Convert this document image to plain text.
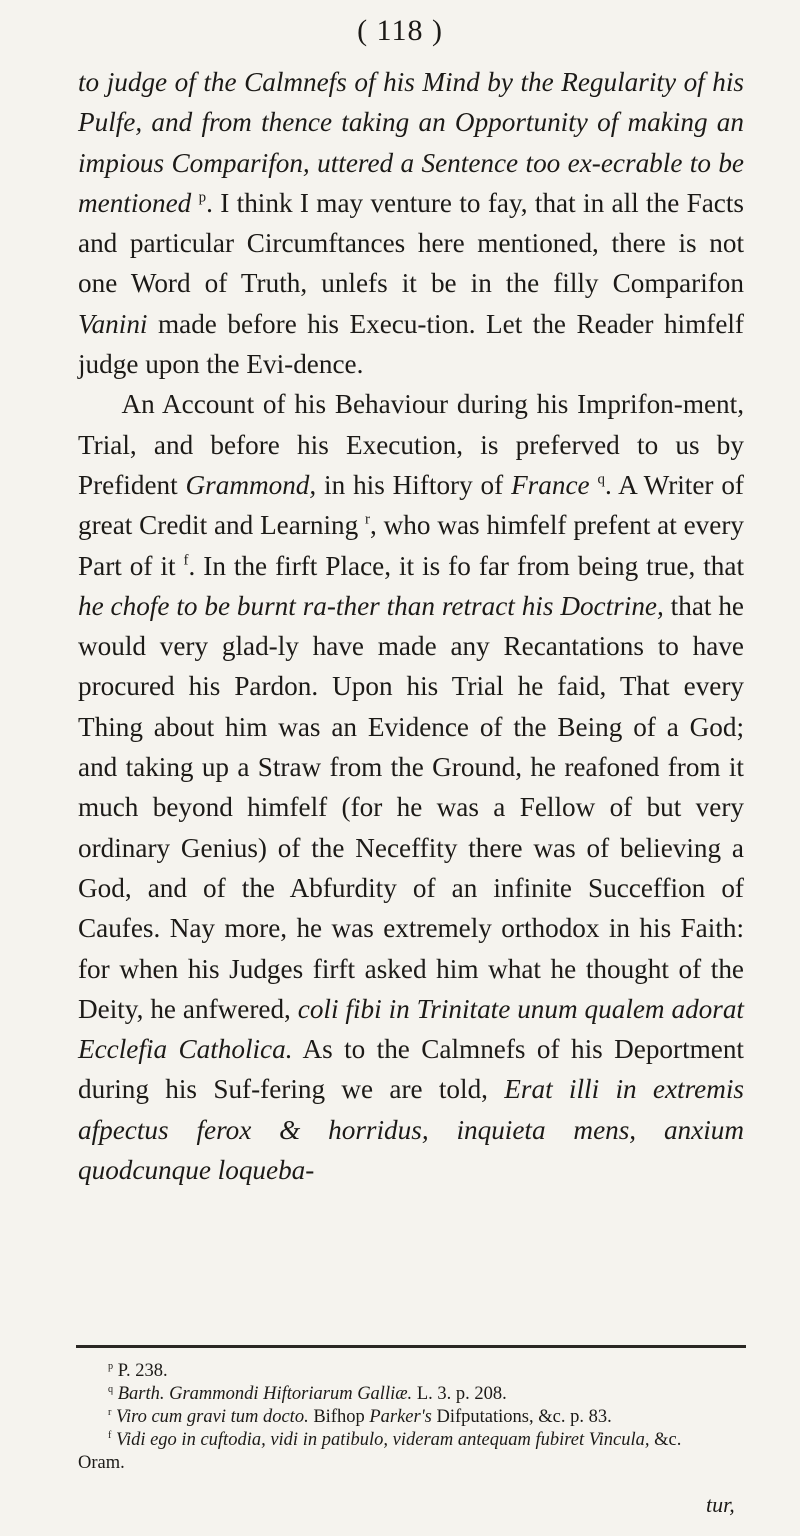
( 118 )

to judge of the Calmnefs of his Mind by the Regularity of his Pulfe, and from thence taking an Opportunity of making an impious Comparifon, uttered a Sentence too ex-ecrable to be mentioned $^p$. I think I may venture to fay, that in all the Facts and particular Circumftances here mentioned, there is not one Word of Truth, unlefs it be in the filly Comparifon Vanini made before his Execu-tion. Let the Reader himfelf judge upon the Evi-dence.

An Account of his Behaviour during his Imprifon-ment, Trial, and before his Execution, is preferved to us by Prefident Grammond, in his Hiftory of France $^q$. A Writer of great Credit and Learning $^r$, who was himfelf prefent at every Part of it $^f$. In the firft Place, it is fo far from being true, that he chofe to be burnt ra-ther than retract his Doctrine, that he would very glad-ly have made any Recantations to have procured his Pardon. Upon his Trial he faid, That every Thing about him was an Evidence of the Being of a God; and taking up a Straw from the Ground, he reafoned from it much beyond himfelf (for he was a Fellow of but very ordinary Genius) of the Neceffity there was of believing a God, and of the Abfurdity of an infinite Succeffion of Caufes. Nay more, he was extremely orthodox in his Faith: for when his Judges firft asked him what he thought of the Deity, he anfwered, coli fibi in Trinitate unum qualem adorat Ecclefia Catholica. As to the Calmnefs of his Deportment during his Suf-fering we are told, Erat illi in extremis afpectus ferox & horridus, inquieta mens, anxium quodcunque loqueba-

$^p$ P. 238.
$^q$ Barth. Grammondi Hiftoriarum Galliæ. L. 3. p. 208.
$^r$ Viro cum gravi tum docto. Bifhop Parker's Difputations, &c. p. 83.
$^f$ Vidi ego in cuftodia, vidi in patibulo, videram antequam fubiret Vincula, &c.
Oram.
tur,
